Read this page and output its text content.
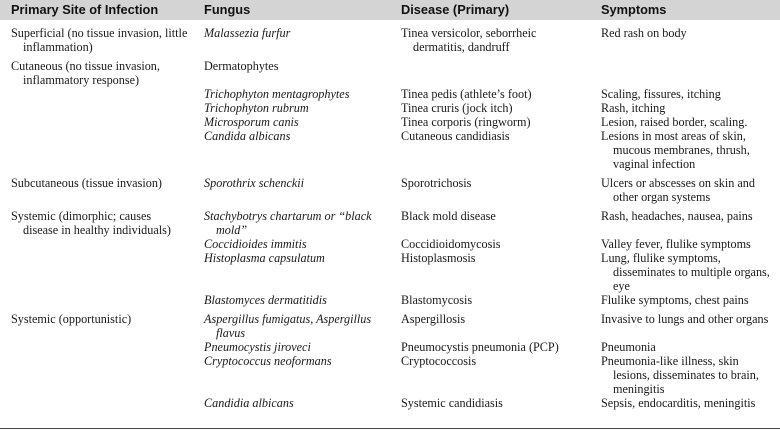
Primary Site of Infection	Fungus	Disease (Primary)	Symptoms

Superficial (no tissue invasion, little inflammation)	Malassezia furfur	Tinea versicolor, seborrheic dermatitis, dandruff	Red rash on body

Cutaneous (no tissue invasion, inflammatory response)	Dermatophytes		

	Trichophyton mentagrophytes	Tinea pedis (athlete’s foot)	Scaling, fissures, itching

	Trichophyton rubrum	Tinea cruris (jock itch)	Rash, itching

	Microsporum canis	Tinea corporis (ringworm)	Lesion, raised border, scaling.

	Candida albicans	Cutaneous candidiasis	Lesions in most areas of skin, mucous membranes, thrush, vaginal infection

Subcutaneous (tissue invasion)	Sporothrix schenckii	Sporotrichosis	Ulcers or abscesses on skin and other organ systems

Systemic (dimorphic; causes disease in healthy individuals)	Stachybotrys chartarum or “black mold”	Black mold disease	Rash, headaches, nausea, pains

	Coccidioides immitis	Coccidioidomycosis	Valley fever, flulike symptoms

	Histoplasma capsulatum	Histoplasmosis	Lung, flulike symptoms, disseminates to multiple organs, eye

	Blastomyces dermatitidis	Blastomycosis	Flulike symptoms, chest pains

Systemic (opportunistic)	Aspergillus fumigatus, Aspergillus flavus	Aspergillosis	Invasive to lungs and other organs

	Pneumocystis jiroveci	Pneumocystis pneumonia (PCP)	Pneumonia

	Cryptococcus neoformans	Cryptococcosis	Pneumonia-like illness, skin lesions, disseminates to brain, meningitis

	Candidia albicans	Systemic candidiasis	Sepsis, endocarditis, meningitis
